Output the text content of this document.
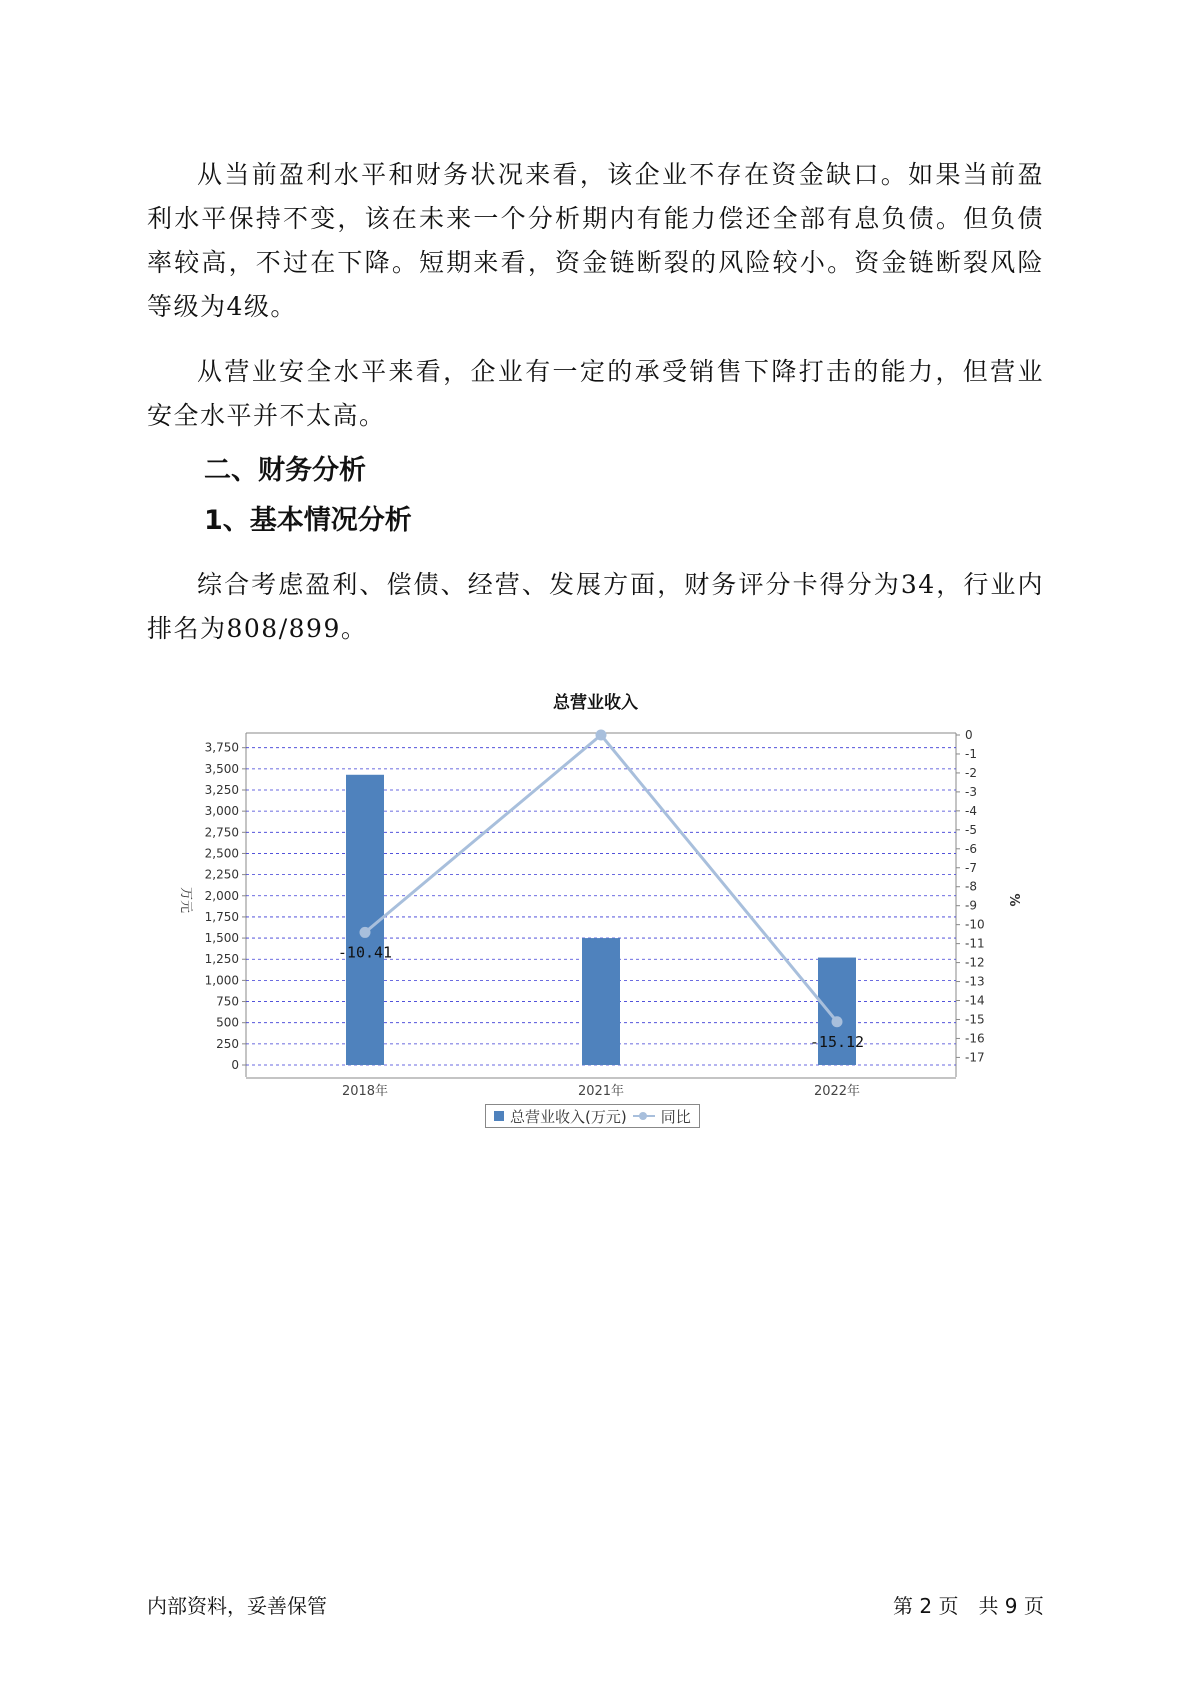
从当前盈利水平和财务状况来看，该企业不存在资金缺口。如果当前盈利水平保持不变，该在未来一个分析期内有能力偿还全部有息负债。但负债率较高，不过在下降。短期来看，资金链断裂的风险较小。资金链断裂风险等级为4级。

从营业安全水平来看，企业有一定的承受销售下降打击的能力，但营业安全水平并不太高。

二、财务分析
1、基本情况分析

综合考虑盈利、偿债、经营、发展方面，财务评分卡得分为34，行业内排名为808/899。

总营业收入
0
250
500
750
1,000
1,250
1,500
1,750
2,000
2,250
2,500
2,750
3,000
3,250
3,500
3,750
0
-1
-2
-3
-4
-5
-6
-7
-8
-9
-10
-11
-12
-13
-14
-15
-16
-17
万元	%
2018年	2021年	2022年
-10.41
-15.12
总营业收入(万元) 同比
内部资料，妥善保管	第 2 页　共 9 页
